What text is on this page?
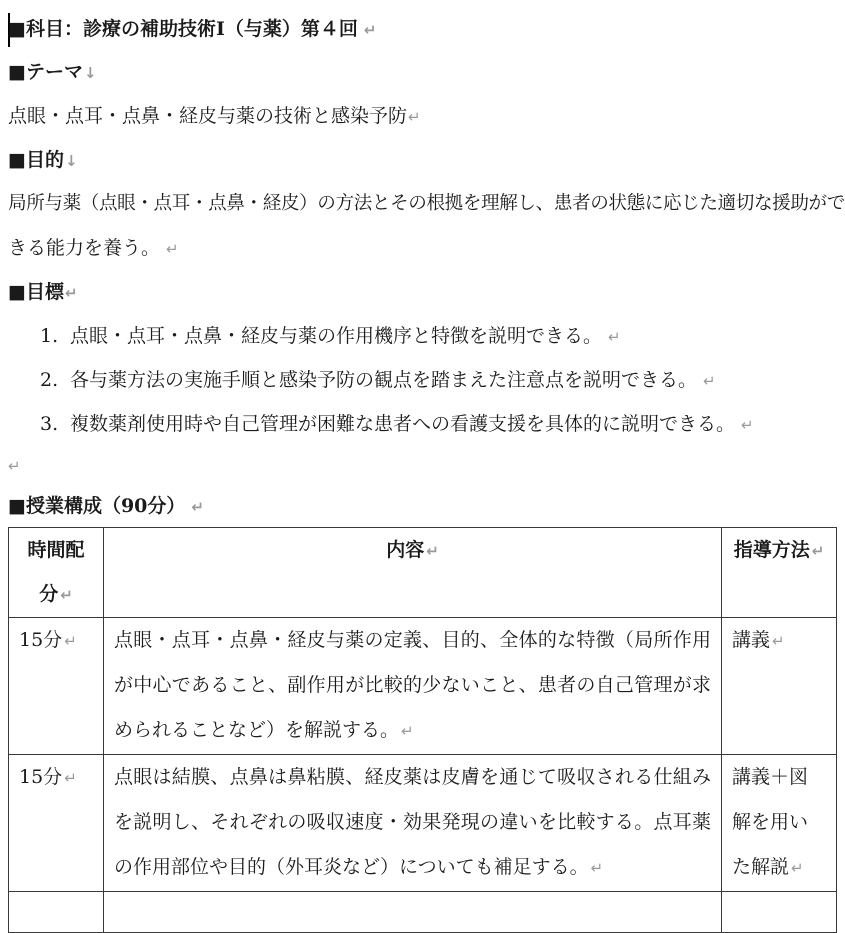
■科目：診療の補助技術Ⅰ（与薬）第４回 ↵
■テーマ↓
点眼・点耳・点鼻・経皮与薬の技術と感染予防↵
■目的↓
局所与薬（点眼・点耳・点鼻・経皮）の方法とその根拠を理解し、患者の状態に応じた適切な援助がで
きる能力を養う。 ↵
■目標↵
1. 点眼・点耳・点鼻・経皮与薬の作用機序と特徴を説明できる。 ↵
2. 各与薬方法の実施手順と感染予防の観点を踏まえた注意点を説明できる。 ↵
3. 複数薬剤使用時や自己管理が困難な患者への看護支援を具体的に説明できる。 ↵
↵
■授業構成（90分） ↵
時間配分 ↵	内容 ↵	指導方法 ↵
15分 ↵	点眼・点耳・点鼻・経皮与薬の定義、目的、全体的な特徴（局所作用が中心であること、副作用が比較的少ないこと、患者の自己管理が求められることなど）を解説する。 ↵	講義 ↵
15分 ↵	点眼は結膜、点鼻は鼻粘膜、経皮薬は皮膚を通じて吸収される仕組みを説明し、それぞれの吸収速度・効果発現の違いを比較する。点耳薬の作用部位や目的（外耳炎など）についても補足する。 ↵	講義＋図解を用いた解説 ↵
